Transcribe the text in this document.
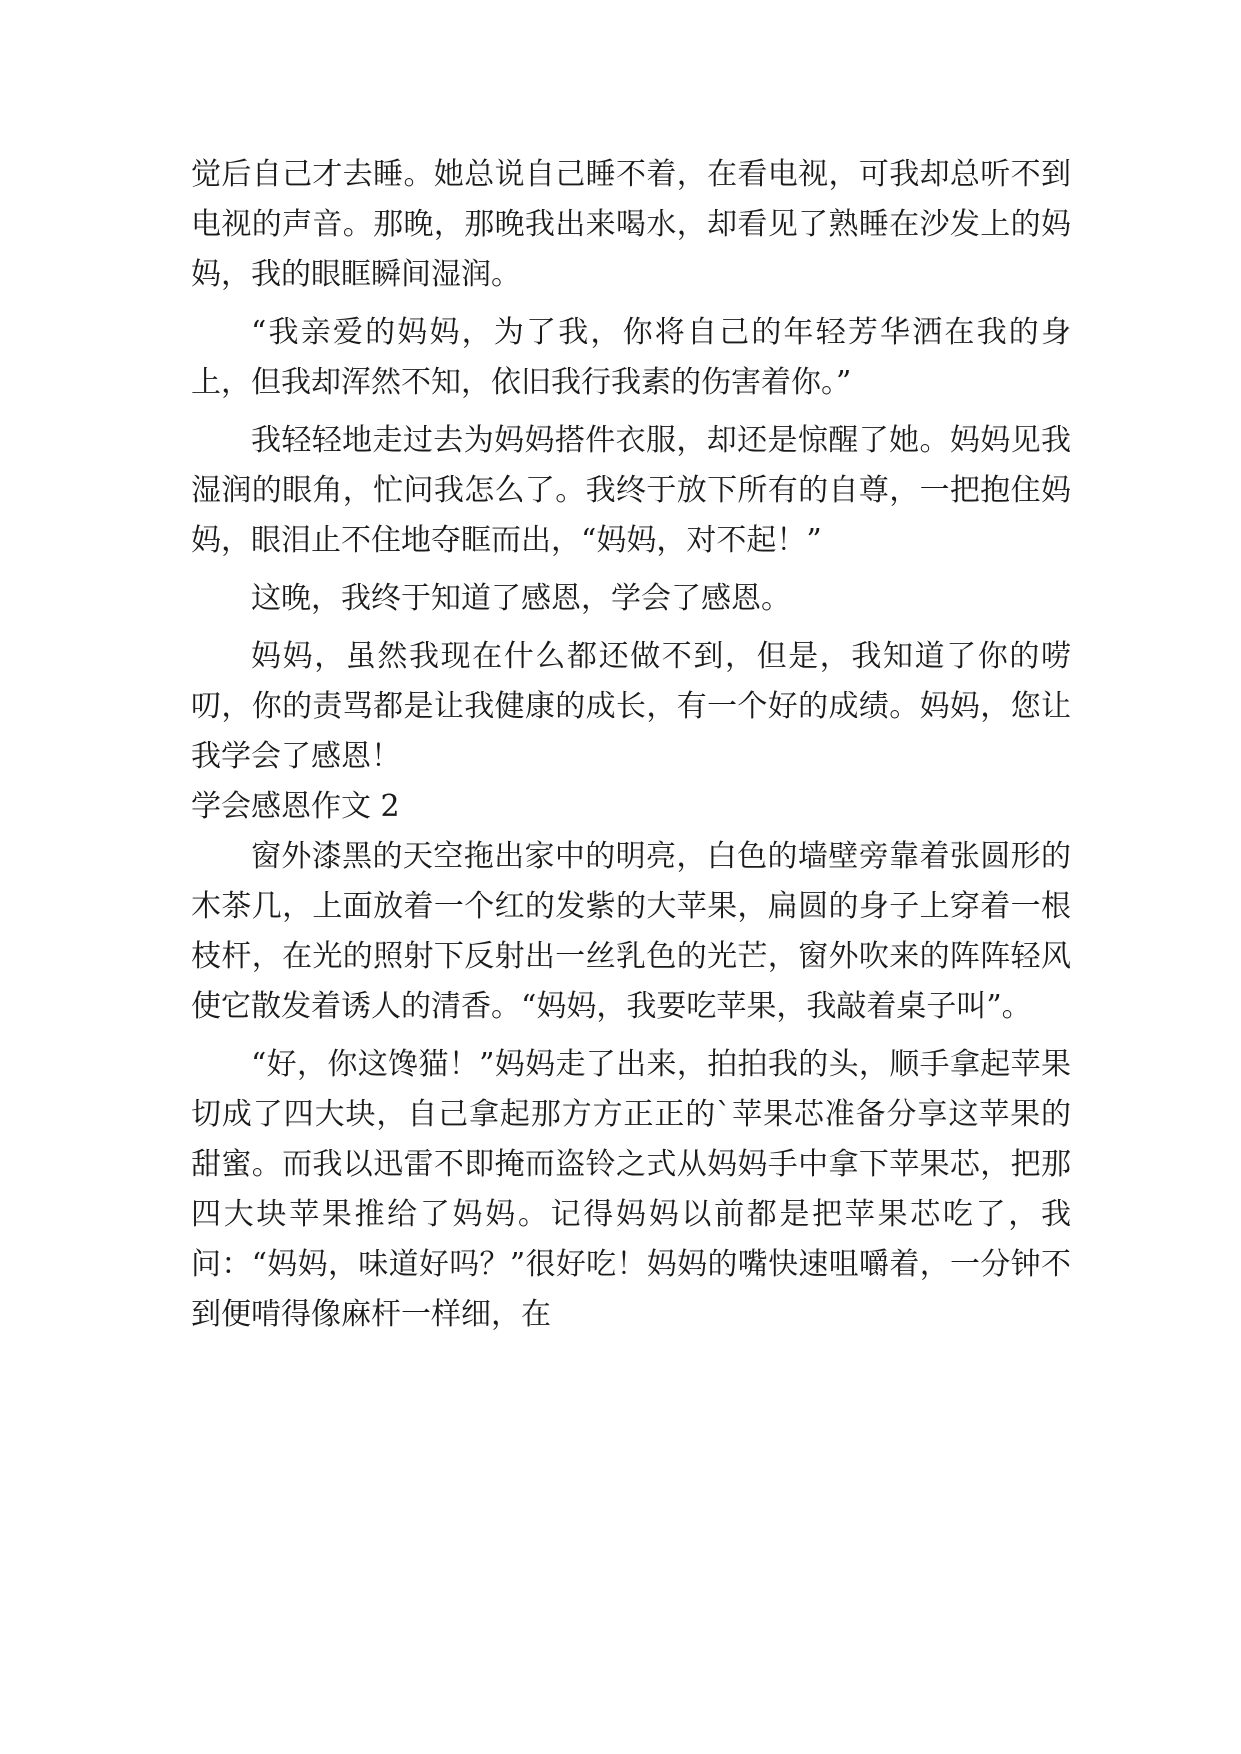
觉后自己才去睡。她总说自己睡不着，在看电视，可我却总听不到电视的声音。那晚，那晚我出来喝水，却看见了熟睡在沙发上的妈妈，我的眼眶瞬间湿润。

“我亲爱的妈妈，为了我，你将自己的年轻芳华洒在我的身上，但我却浑然不知，依旧我行我素的伤害着你。”

我轻轻地走过去为妈妈搭件衣服，却还是惊醒了她。妈妈见我湿润的眼角，忙问我怎么了。我终于放下所有的自尊，一把抱住妈妈，眼泪止不住地夺眶而出，“妈妈，对不起！”

这晚，我终于知道了感恩，学会了感恩。

妈妈，虽然我现在什么都还做不到，但是，我知道了你的唠叨，你的责骂都是让我健康的成长，有一个好的成绩。妈妈，您让我学会了感恩！

学会感恩作文 2

窗外漆黑的天空拖出家中的明亮，白色的墙壁旁靠着张圆形的木茶几，上面放着一个红的发紫的大苹果，扁圆的身子上穿着一根枝杆，在光的照射下反射出一丝乳色的光芒，窗外吹来的阵阵轻风使它散发着诱人的清香。“妈妈，我要吃苹果，我敲着桌子叫”。

“好，你这馋猫！”妈妈走了出来，拍拍我的头，顺手拿起苹果切成了四大块，自己拿起那方方正正的`苹果芯准备分享这苹果的甜蜜。而我以迅雷不即掩而盗铃之式从妈妈手中拿下苹果芯，把那四大块苹果推给了妈妈。记得妈妈以前都是把苹果芯吃了，我问：“妈妈，味道好吗？”很好吃！妈妈的嘴快速咀嚼着，一分钟不到便啃得像麻杆一样细，在
